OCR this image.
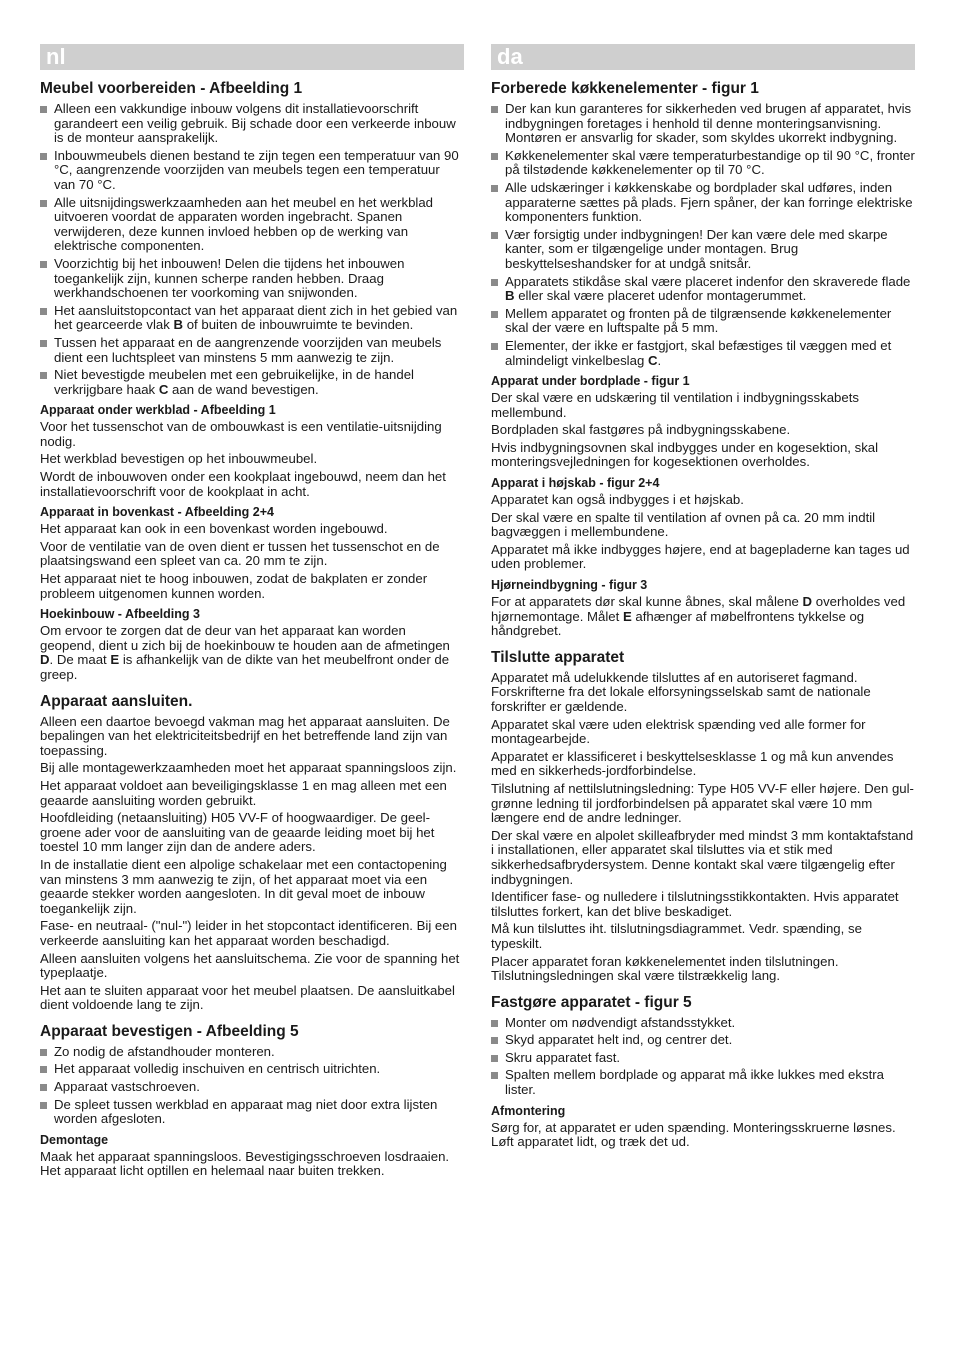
nl
Meubel voorbereiden - Afbeelding 1
Alleen een vakkundige inbouw volgens dit installatievoorschrift garandeert een veilig gebruik. Bij schade door een verkeerde inbouw is de monteur aansprakelijk.
Inbouwmeubels dienen bestand te zijn tegen een temperatuur van 90 °C, aangrenzende voorzijden van meubels tegen een temperatuur van 70 °C.
Alle uitsnijdingswerkzaamheden aan het meubel en het werkblad uitvoeren voordat de apparaten worden ingebracht. Spanen verwijderen, deze kunnen invloed hebben op de werking van elektrische componenten.
Voorzichtig bij het inbouwen! Delen die tijdens het inbouwen toegankelijk zijn, kunnen scherpe randen hebben. Draag werkhandschoenen ter voorkoming van snijwonden.
Het aansluitstopcontact van het apparaat dient zich in het gebied van het gearceerde vlak B of buiten de inbouwruimte te bevinden.
Tussen het apparaat en de aangrenzende voorzijden van meubels dient een luchtspleet van minstens 5 mm aanwezig te zijn.
Niet bevestigde meubelen met een gebruikelijke, in de handel verkrijgbare haak C aan de wand bevestigen.
Apparaat onder werkblad - Afbeelding 1

Voor het tussenschot van de ombouwkast is een ventilatie-uitsnijding nodig.

Het werkblad bevestigen op het inbouwmeubel.

Wordt de inbouwoven onder een kookplaat ingebouwd, neem dan het installatievoorschrift voor de kookplaat in acht.

Apparaat in bovenkast - Afbeelding 2+4

Het apparaat kan ook in een bovenkast worden ingebouwd.

Voor de ventilatie van de oven dient er tussen het tussenschot en de plaatsingswand een spleet van ca. 20 mm te zijn.

Het apparaat niet te hoog inbouwen, zodat de bakplaten er zonder probleem uitgenomen kunnen worden.

Hoekinbouw - Afbeelding 3

Om ervoor te zorgen dat de deur van het apparaat kan worden geopend, dient u zich bij de hoekinbouw te houden aan de afmetingen D. De maat E is afhankelijk van de dikte van het meubelfront onder de greep.

Apparaat aansluiten.

Alleen een daartoe bevoegd vakman mag het apparaat aansluiten. De bepalingen van het elektriciteitsbedrijf en het betreffende land zijn van toepassing.

Bij alle montagewerkzaamheden moet het apparaat spanningsloos zijn.

Het apparaat voldoet aan beveiligingsklasse 1 en mag alleen met een geaarde aansluiting worden gebruikt.

Hoofdleiding (netaansluiting) H05 VV-F of hoogwaardiger. De geel-groene ader voor de aansluiting van de geaarde leiding moet bij het toestel 10 mm langer zijn dan de andere aders.

In de installatie dient een alpolige schakelaar met een contactopening van minstens 3 mm aanwezig te zijn, of het apparaat moet via een geaarde stekker worden aangesloten. In dit geval moet de inbouw toegankelijk zijn.

Fase- en neutraal- ("nul-") leider in het stopcontact identificeren. Bij een verkeerde aansluiting kan het apparaat worden beschadigd.

Alleen aansluiten volgens het aansluitschema. Zie voor de spanning het typeplaatje.

Het aan te sluiten apparaat voor het meubel plaatsen. De aansluitkabel dient voldoende lang te zijn.

Apparaat bevestigen - Afbeelding 5
Zo nodig de afstandhouder monteren.
Het apparaat volledig inschuiven en centrisch uitrichten.
Apparaat vastschroeven.
De spleet tussen werkblad en apparaat mag niet door extra lijsten worden afgesloten.
Demontage

Maak het apparaat spanningsloos. Bevestigingsschroeven losdraaien. Het apparaat licht optillen en helemaal naar buiten trekken.

da
Forberede køkkenelementer - figur 1
Der kan kun garanteres for sikkerheden ved brugen af apparatet, hvis indbygningen foretages i henhold til denne monteringsanvisning. Montøren er ansvarlig for skader, som skyldes ukorrekt indbygning.
Køkkenelementer skal være temperaturbestandige op til 90 °C, fronter på tilstødende køkkenelementer op til 70 °C.
Alle udskæringer i køkkenskabe og bordplader skal udføres, inden apparaterne sættes på plads. Fjern spåner, der kan forringe elektriske komponenters funktion.
Vær forsigtig under indbygningen! Der kan være dele med skarpe kanter, som er tilgængelige under montagen. Brug beskyttelseshandsker for at undgå snitsår.
Apparatets stikdåse skal være placeret indenfor den skraverede flade B eller skal være placeret udenfor montagerummet.
Mellem apparatet og fronten på de tilgrænsende køkkenelementer skal der være en luftspalte på 5 mm.
Elementer, der ikke er fastgjort, skal befæstiges til væggen med et almindeligt vinkelbeslag C.
Apparat under bordplade - figur 1

Der skal være en udskæring til ventilation i indbygningsskabets mellembund.

Bordpladen skal fastgøres på indbygningsskabene.

Hvis indbygningsovnen skal indbygges under en kogesektion, skal monteringsvejledningen for kogesektionen overholdes.

Apparat i højskab - figur 2+4

Apparatet kan også indbygges i et højskab.

Der skal være en spalte til ventilation af ovnen på ca. 20 mm indtil bagvæggen i mellembundene.

Apparatet må ikke indbygges højere, end at bagepladerne kan tages ud uden problemer.

Hjørneindbygning - figur 3

For at apparatets dør skal kunne åbnes, skal målene D overholdes ved hjørnemontage. Målet E afhænger af møbelfrontens tykkelse og håndgrebet.

Tilslutte apparatet

Apparatet må udelukkende tilsluttes af en autoriseret fagmand. Forskrifterne fra det lokale elforsyningsselskab samt de nationale forskrifter er gældende.

Apparatet skal være uden elektrisk spænding ved alle former for montagearbejde.

Apparatet er klassificeret i beskyttelsesklasse 1 og må kun anvendes med en sikkerheds-jordforbindelse.

Tilslutning af nettilslutningsledning: Type H05 VV-F eller højere. Den gul-grønne ledning til jordforbindelsen på apparatet skal være 10 mm længere end de andre ledninger.

Der skal være en alpolet skilleafbryder med mindst 3 mm kontaktafstand i installationen, eller apparatet skal tilsluttes via et stik med sikkerhedsafbrydersystem. Denne kontakt skal være tilgængelig efter indbygningen.

Identificer fase- og nulledere i tilslutningsstikkontakten. Hvis apparatet tilsluttes forkert, kan det blive beskadiget.

Må kun tilsluttes iht. tilslutningsdiagrammet. Vedr. spænding, se typeskilt.

Placer apparatet foran køkkenelementet inden tilslutningen. Tilslutningsledningen skal være tilstrækkelig lang.

Fastgøre apparatet - figur 5
Monter om nødvendigt afstandsstykket.
Skyd apparatet helt ind, og centrer det.
Skru apparatet fast.
Spalten mellem bordplade og apparat må ikke lukkes med ekstra lister.
Afmontering

Sørg for, at apparatet er uden spænding. Monteringsskruerne løsnes. Løft apparatet lidt, og træk det ud.
